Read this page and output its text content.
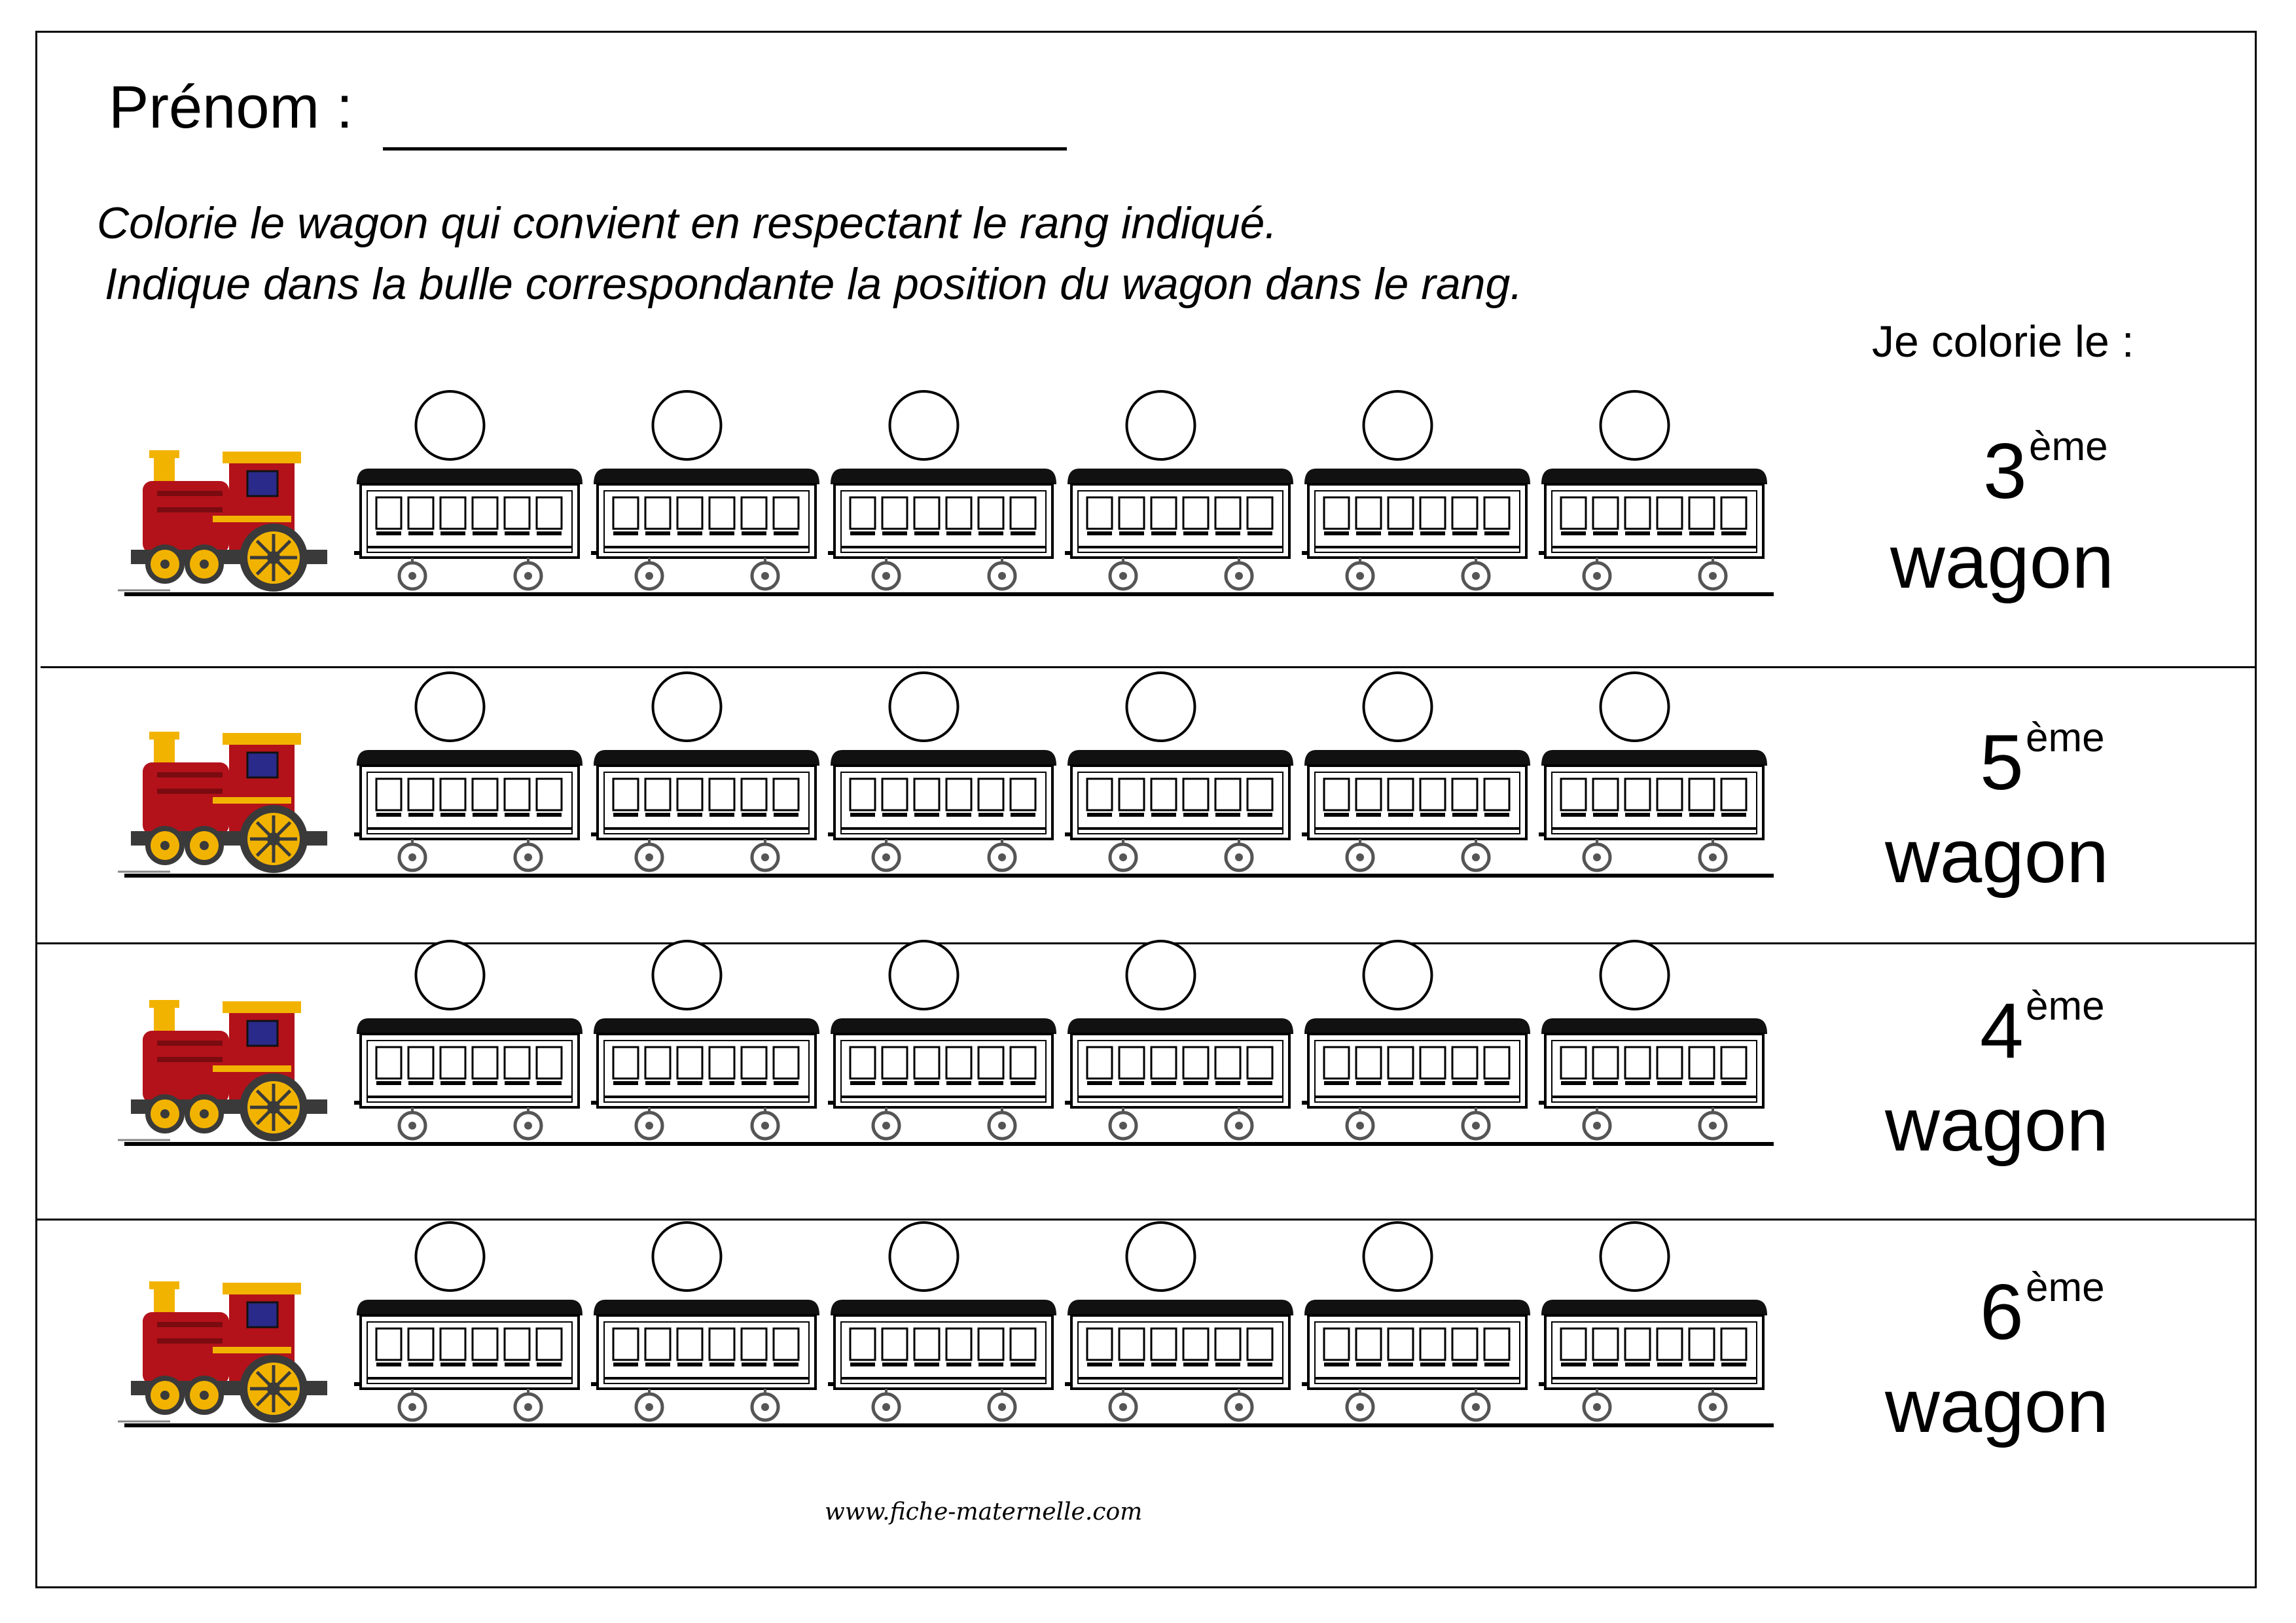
Prénom :
Colorie le wagon qui convient en respectant le rang indiqué.
Indique dans la bulle correspondante la position du wagon dans le rang.
Je colorie le :
3 ème
wagon
5 ème
wagon
4 ème
wagon
6 ème
wagon
www.fiche-maternelle.com
